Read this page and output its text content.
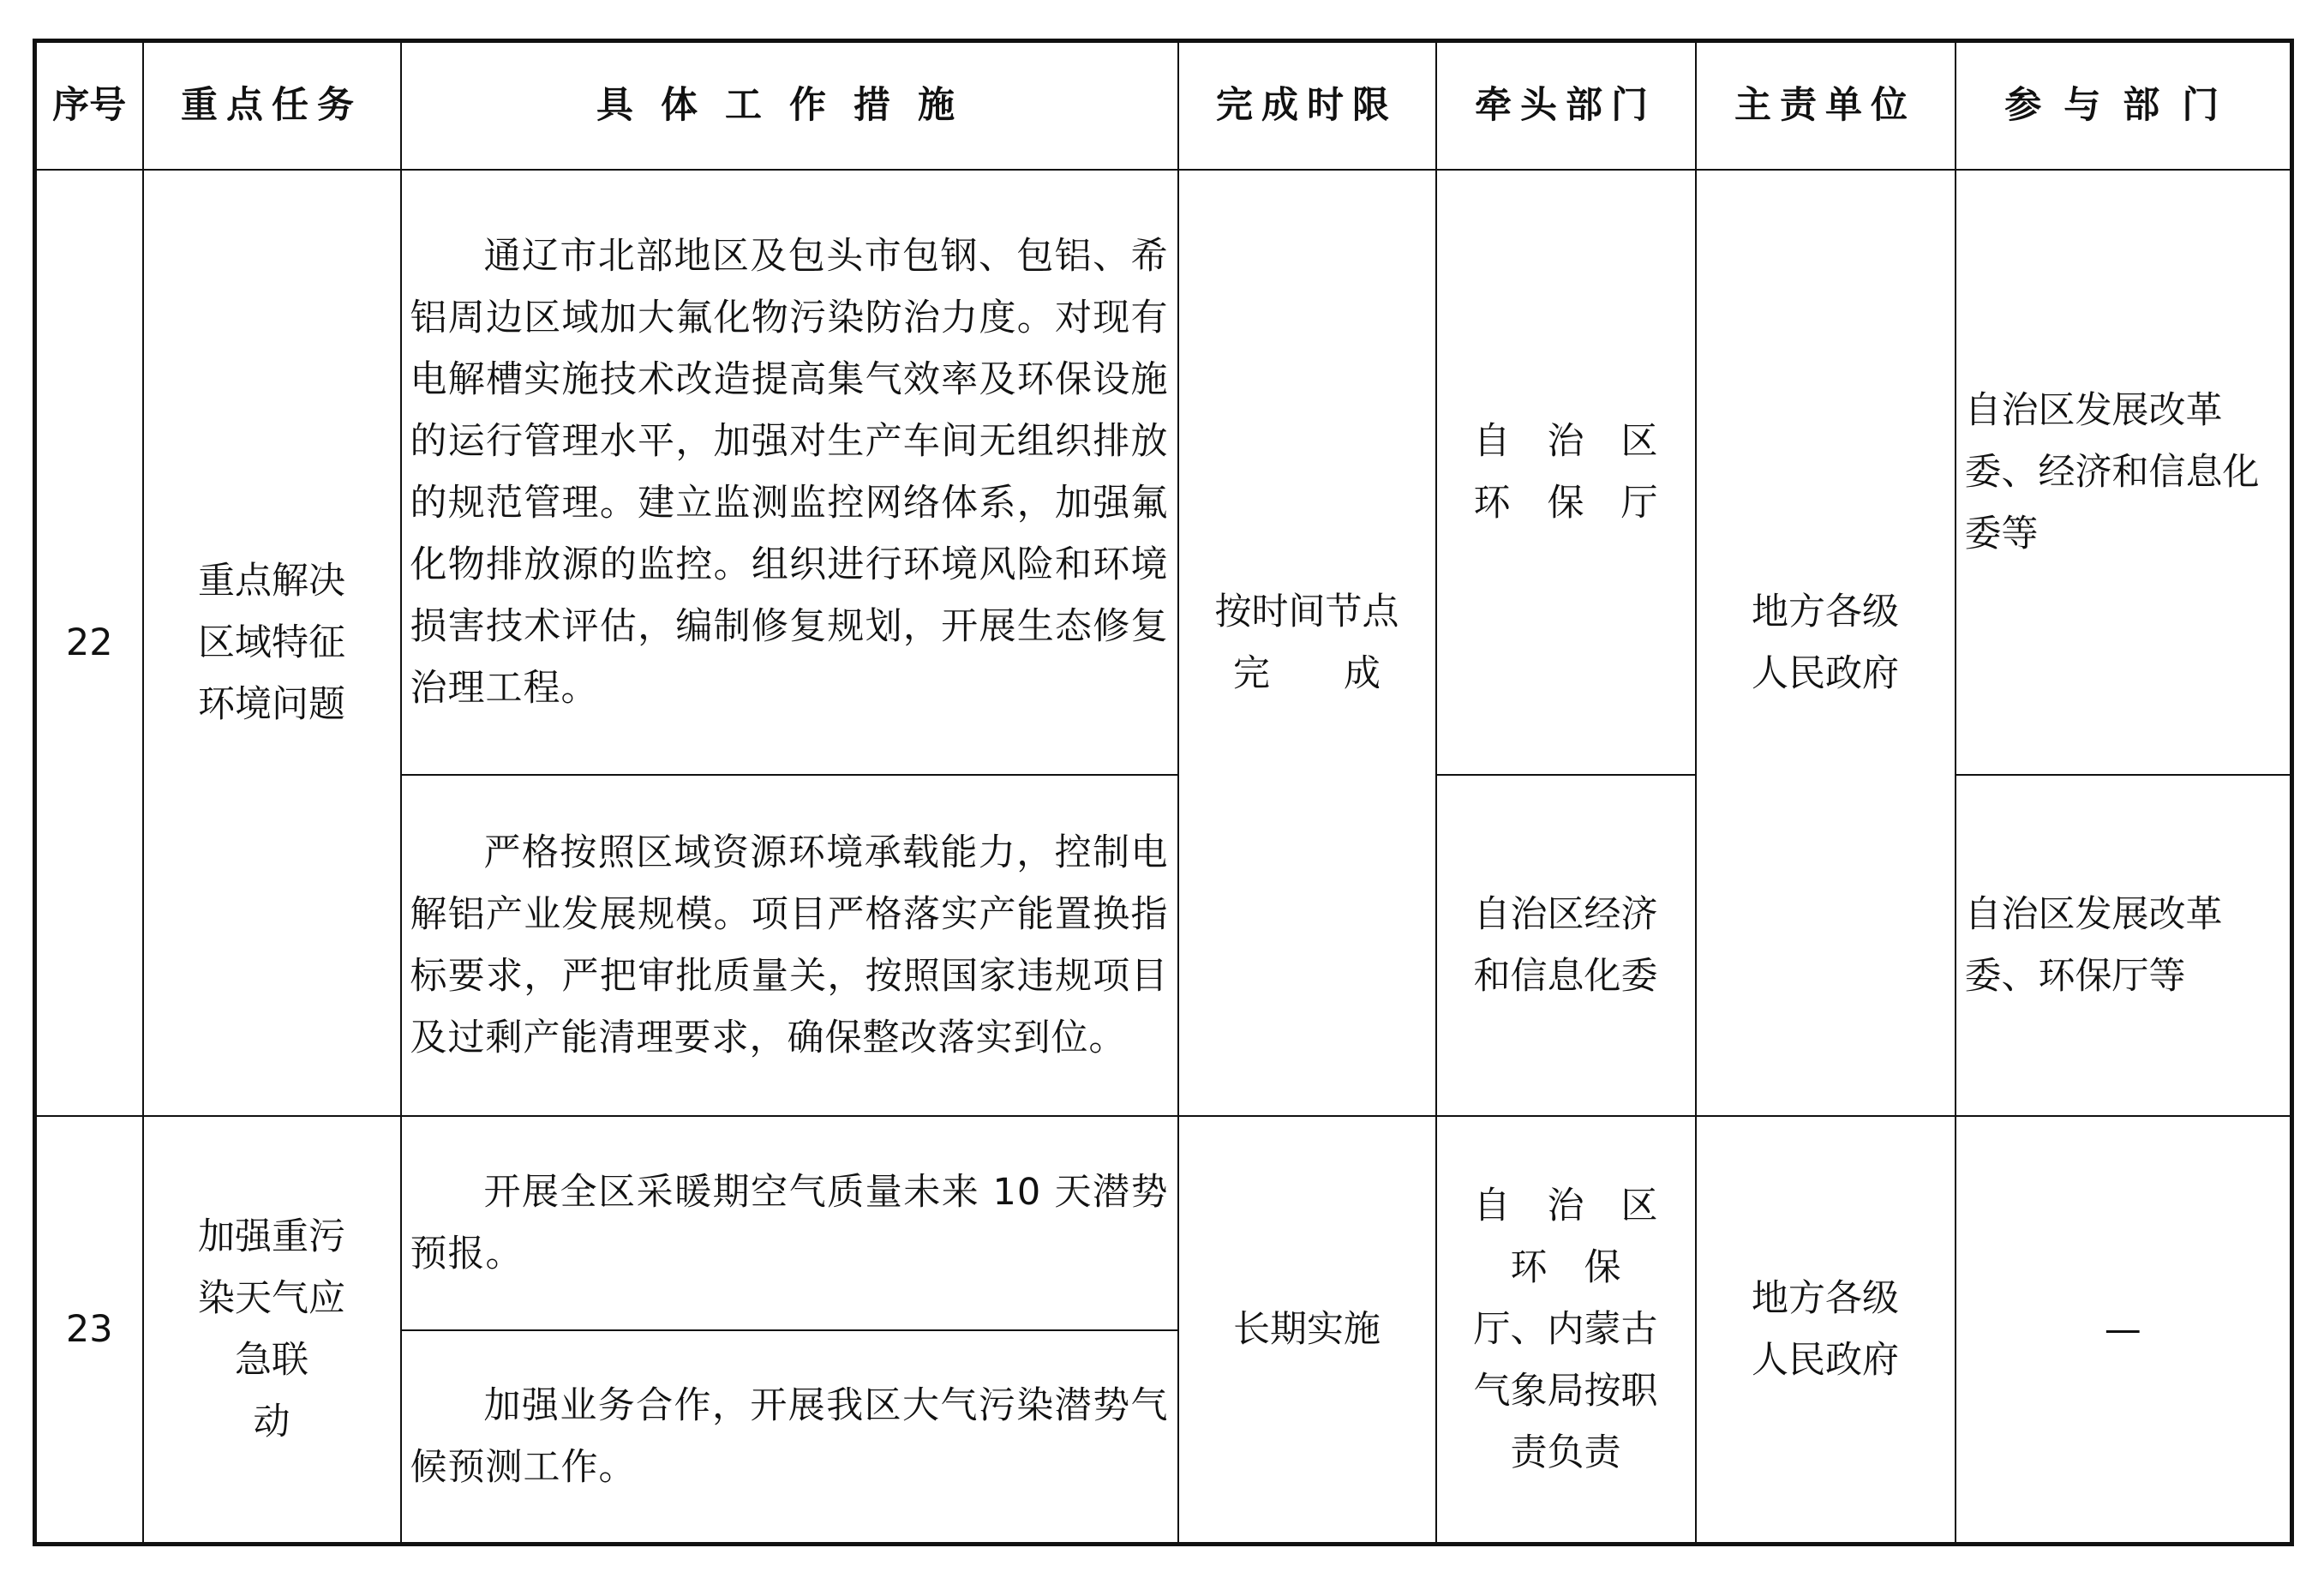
序号	重点任务	具体工作措施	完成时限	牵头部门	主责单位	参与部门
22	重点解决区域特征环境问题	通辽市北部地区及包头市包钢、包铝、希铝周边区域加大氟化物污染防治力度。对现有电解槽实施技术改造提高集气效率及环保设施的运行管理水平，加强对生产车间无组织排放的规范管理。建立监测监控网络体系，加强氟化物排放源的监控。组织进行环境风险和环境损害技术评估，编制修复规划，开展生态修复治理工程。	按时间节点完　　成	自　治　区环　保　厅	地方各级人民政府	自治区发展改革委、经济和信息化委等
		严格按照区域资源环境承载能力，控制电解铝产业发展规模。项目严格落实产能置换指标要求，严把审批质量关，按照国家违规项目及过剩产能清理要求，确保整改落实到位。		自治区经济和信息化委		自治区发展改革委、环保厅等
23	加强重污染天气应急联　　动	开展全区采暖期空气质量未来 10 天潜势预报。	长期实施	自　治　区环　保　厅、内蒙古气象局按职责负责	地方各级人民政府	—
		加强业务合作，开展我区大气污染潜势气候预测工作。				
